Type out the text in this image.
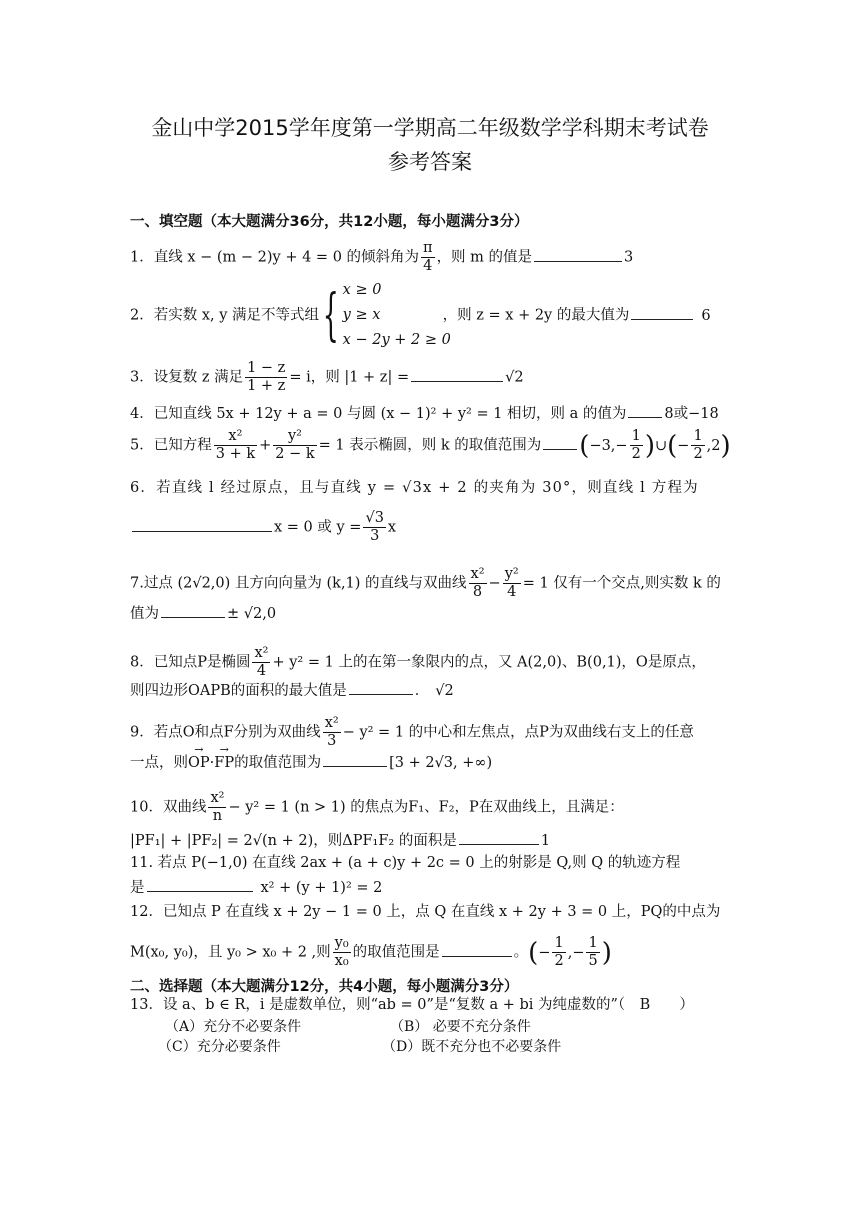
金山中学2015学年度第一学期高二年级数学学科期末考试卷
参考答案
一、填空题（本大题满分36分，共12小题，每小题满分3分）
1．直线 x − (m − 2)y + 4 = 0 的倾斜角为 $\frac{\pi}{4}$ ，则 m 的值是	3
2．若实数 x, y 满足不等式组{ x ≥ 0
y ≥ x
x − 2y + 2 ≥ 0
，则 z = x + 2y 的最大值为	6
3．设复数 z 满足 $\frac{1 - z}{1 + z} = i$，则 |1 + z| =	√2
4．已知直线 5x + 12y + a = 0 与圆 (x − 1)² + y² = 1 相切，则 a 的值为	8或−18
5．已知方程 $\frac{\text{x²}}{3 + k} + \frac{\text{y²}}{2 - k} = 1$ 表示椭圆，则 k 的取值范围为 ($-3,- \frac{1}{2}$ )∪(− $\frac{1}{2} ,2$)
6．若直线 l 经过原点，且与直线 y = √3x + 2 的夹角为 30°，则直线 l 方程为
x = 0 或 $y = \frac{√3}{3}$ x
7.过点 (2√2,0) 且方向向量为 (k,1) 的直线与双曲线 $\frac{\text{x²}}{8} - \frac{\text{y²}}{4} = 1$ 仅有一个交点,则实数 k 的
值为	± √2,0
8．已知点P是椭圆 $\frac{\text{x²}}{4} + y^2 = 1$ 上的在第一象限内的点，又 A(2,0)、B(0,1)，O是原点，
则四边形OAPB的面积的最大值是	． √2
9．若点O和点F分别为双曲线 $\frac{\text{x²}}{3} - y^2 = 1$ 的中心和左焦点，点P为双曲线右支上的任意
一点，则→ OP·→ FP的取值范围为	[3 + 2√3, +∞)
10．双曲线 $\frac{\text{x²}}{n} - y^2 = 1$ (n > 1) 的焦点为F₁、F₂，P在双曲线上，且满足：
|PF₁| + |PF₂| = 2√(n + 2)，则ΔPF₁F₂ 的面积是	1
11. 若点 P(−1,0) 在直线 2ax + (a + c)y + 2c = 0 上的射影是 Q,则 Q 的轨迹方程
是	x² + (y + 1)² = 2
12．已知点 P 在直线 x + 2y − 1 = 0 上，点 Q 在直线 x + 2y + 3 = 0 上，PQ的中点为
M(x₀, y₀)，且 y₀ > x₀ + 2 ,则 $\frac{\text{y₀}}{\text{x₀}}$ 的取值范围是	。(− $\frac{1}{2}$ ,− $\frac{1}{5}$ )
二、选择题（本大题满分12分，共4小题，每小题满分3分）
13．设 a、b ∈ R，i 是虚数单位，则“ab = 0”是“复数 a + bi 为纯虚数的”（　B　　）
（A）充分不必要条件	（B） 必要不充分条件
（C）充分必要条件	（D）既不充分也不必要条件
